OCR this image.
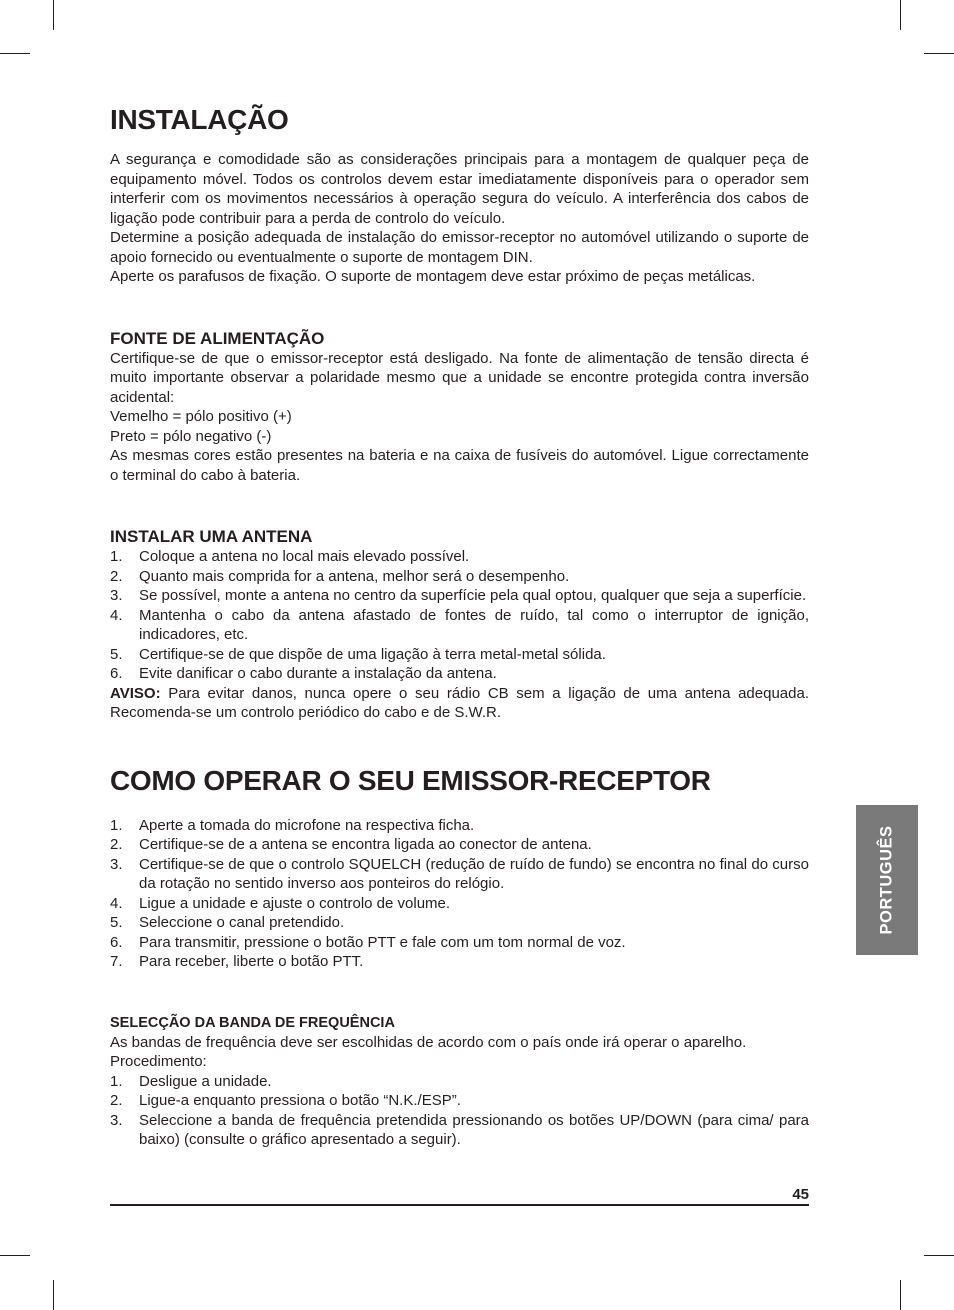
INSTALAÇÃO

A segurança e comodidade são as considerações principais para a montagem de qualquer peça de equipamento móvel. Todos os controlos devem estar imediatamente disponíveis para o operador sem interferir com os movimentos necessários à operação segura do veículo. A interferência dos cabos de ligação pode contribuir para a perda de controlo do veículo.

Determine a posição adequada de instalação do emissor-receptor no automóvel utilizando o suporte de apoio fornecido ou eventualmente o suporte de montagem DIN.

Aperte os parafusos de fixação. O suporte de montagem deve estar próximo de peças metálicas.

FONTE DE ALIMENTAÇÃO

Certifique-se de que o emissor-receptor está desligado. Na fonte de alimentação de tensão directa é muito importante observar a polaridade mesmo que a unidade se encontre protegida contra inversão acidental:

Vemelho = pólo positivo (+)

Preto = pólo negativo (-)

As mesmas cores estão presentes na bateria e na caixa de fusíveis do automóvel. Ligue correctamente o terminal do cabo à bateria.

INSTALAR UMA ANTENA
1. Coloque a antena no local mais elevado possível.
2. Quanto mais comprida for a antena, melhor será o desempenho.
3. Se possível, monte a antena no centro da superfície pela qual optou, qualquer que seja a superfície.
4. Mantenha o cabo da antena afastado de fontes de ruído, tal como o interruptor de ignição, indicadores, etc.
5. Certifique-se de que dispõe de uma ligação à terra metal-metal sólida.
6. Evite danificar o cabo durante a instalação da antena.

AVISO: Para evitar danos, nunca opere o seu rádio CB sem a ligação de uma antena adequada. Recomenda-se um controlo periódico do cabo e de S.W.R.

COMO OPERAR O SEU EMISSOR-RECEPTOR
1. Aperte a tomada do microfone na respectiva ficha.
2. Certifique-se de a antena se encontra ligada ao conector de antena.
3. Certifique-se de que o controlo SQUELCH (redução de ruído de fundo) se encontra no final do curso da rotação no sentido inverso aos ponteiros do relógio.
4. Ligue a unidade e ajuste o controlo de volume.
5. Seleccione o canal pretendido.
6. Para transmitir, pressione o botão PTT e fale com um tom normal de voz.
7. Para receber, liberte o botão PTT.
SELECÇÃO DA BANDA DE FREQUÊNCIA

As bandas de frequência deve ser escolhidas de acordo com o país onde irá operar o aparelho.

Procedimento:

1. Desligue a unidade.
2. Ligue-a enquanto pressiona o botão “N.K./ESP”.
3. Seleccione a banda de frequência pretendida pressionando os botões UP/DOWN (para cima/ para baixo) (consulte o gráfico apresentado a seguir).
PORTUGUÊS
45
